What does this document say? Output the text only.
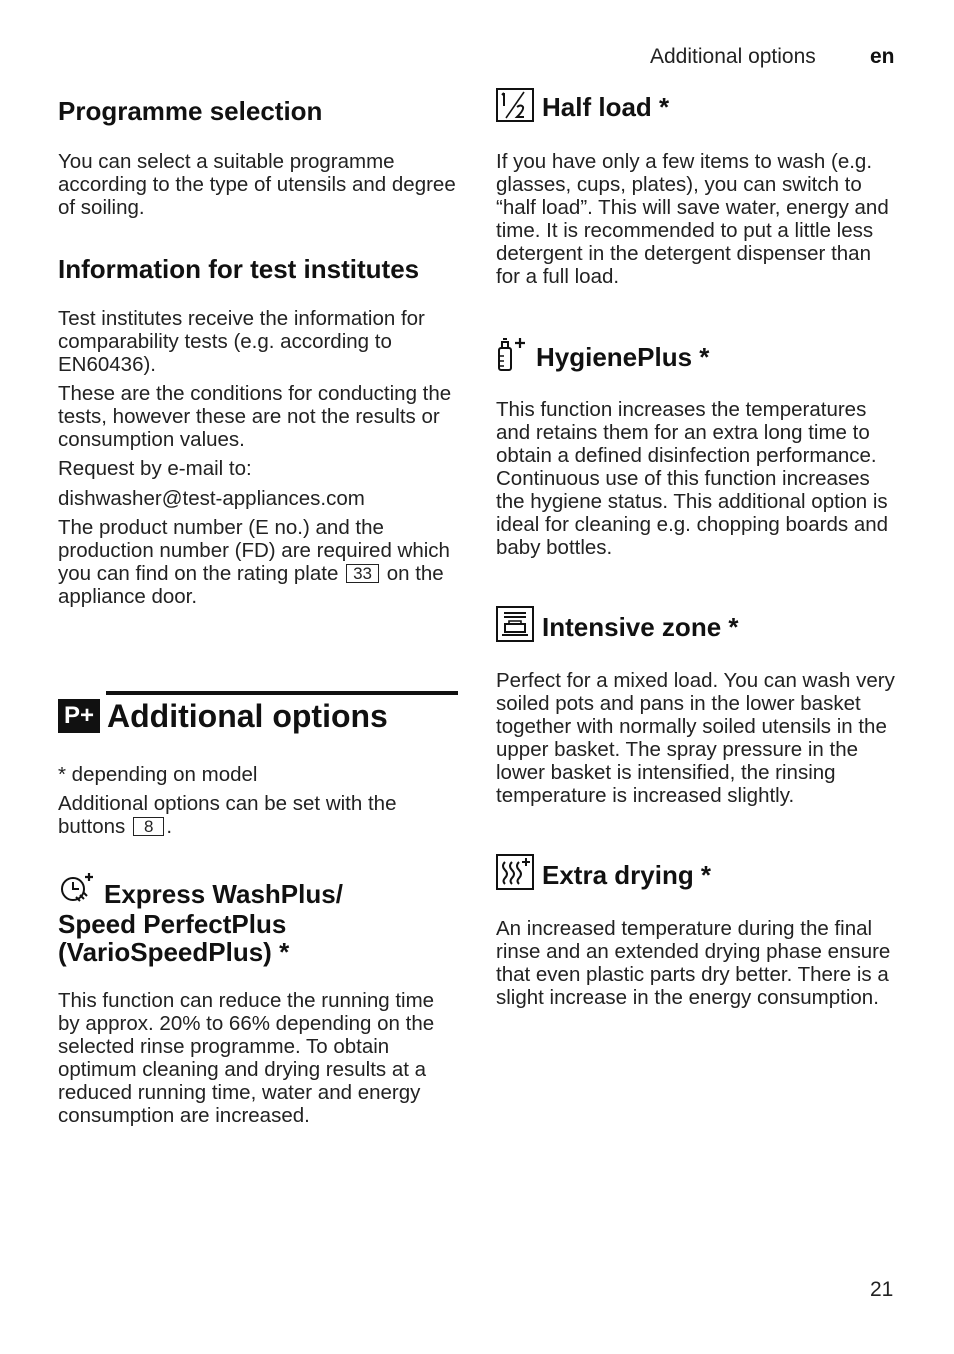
Additional options	en
Programme selection

You can select a suitable programme according to the type of utensils and degree of soiling.

Information for test institutes

Test institutes receive the information for comparability tests (e.g. according to EN60436).

These are the conditions for conducting the tests, however these are not the results or consumption values.

Request by e-mail to:

dishwasher@test-appliances.com

The product number (E no.) and the production number (FD) are required which you can find on the rating plate 33 on the appliance door.

P+ Additional options

* depending on model

Additional options can be set with the buttons 8 .

Express WashPlus/
Speed PerfectPlus
(VarioSpeedPlus) *

This function can reduce the running time by approx. 20% to 66% depending on the selected rinse programme. To obtain optimum cleaning and drying results at a reduced running time, water and energy consumption are increased.

Half load *

If you have only a few items to wash (e.g. glasses, cups, plates), you can switch to “half load”. This will save water, energy and time. It is recommended to put a little less detergent in the detergent dispenser than for a full load.

HygienePlus *

This function increases the temperatures and retains them for an extra long time to obtain a defined disinfection performance. Continuous use of this function increases the hygiene status. This additional option is ideal for cleaning e.g. chopping boards and baby bottles.

Intensive zone *

Perfect for a mixed load. You can wash very soiled pots and pans in the lower basket together with normally soiled utensils in the upper basket. The spray pressure in the lower basket is intensified, the rinsing temperature is increased slightly.

Extra drying *

An increased temperature during the final rinse and an extended drying phase ensure that even plastic parts dry better. There is a slight increase in the energy consumption.

21
